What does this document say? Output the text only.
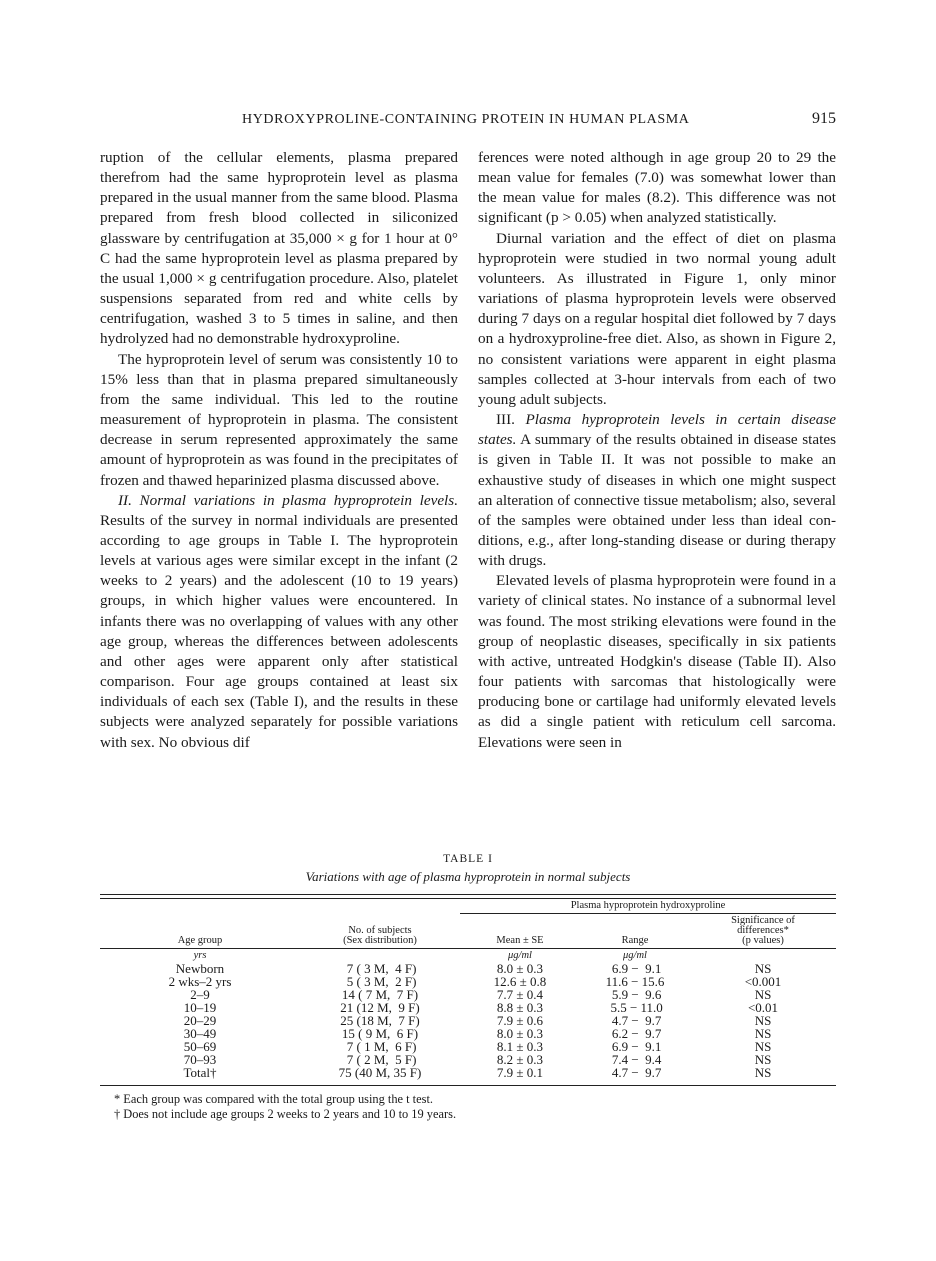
HYDROXYPROLINE-CONTAINING PROTEIN IN HUMAN PLASMA	915

ruption of the cellular elements, plasma prepared therefrom had the same hyproprotein level as plasma prepared in the usual manner from the same blood. Plasma prepared from fresh blood collected in siliconized glassware by centrifugation at 35,000 × g for 1 hour at 0° C had the same hyproprotein level as plasma prepared by the usual 1,000 × g centrifugation procedure. Also, platelet suspensions separated from red and white cells by centrifugation, washed 3 to 5 times in saline, and then hydrolyzed had no demonstrable hydroxyproline.

The hyproprotein level of serum was consistently 10 to 15% less than that in plasma prepared simultaneously from the same individual. This led to the routine measurement of hyproprotein in plasma. The consistent decrease in serum represented approximately the same amount of hyproprotein as was found in the precipitates of frozen and thawed heparinized plasma discussed above.

II. Normal variations in plasma hyproprotein levels. Results of the survey in normal individuals are presented according to age groups in Table I. The hyproprotein levels at various ages were similar except in the infant (2 weeks to 2 years) and the adolescent (10 to 19 years) groups, in which higher values were encountered. In infants there was no overlapping of values with any other age group, whereas the differences between adolescents and other ages were apparent only after statistical comparison. Four age groups contained at least six individuals of each sex (Table I), and the results in these subjects were analyzed separately for possible variations with sex. No obvious dif

ferences were noted although in age group 20 to 29 the mean value for females (7.0) was somewhat lower than the mean value for males (8.2). This difference was not significant (p > 0.05) when analyzed statistically.

Diurnal variation and the effect of diet on plasma hyproprotein were studied in two normal young adult volunteers. As illustrated in Figure 1, only minor variations of plasma hyproprotein levels were observed during 7 days on a regular hospital diet followed by 7 days on a hydroxyproline-free diet. Also, as shown in Figure 2, no consistent variations were apparent in eight plasma samples collected at 3-hour intervals from each of two young adult subjects.

III. Plasma hyproprotein levels in certain disease states. A summary of the results obtained in disease states is given in Table II. It was not possible to make an exhaustive study of diseases in which one might suspect an alteration of connective tissue metabolism; also, several of the samples were obtained under less than ideal conditions, e.g., after long-standing disease or during therapy with drugs.

Elevated levels of plasma hyproprotein were found in a variety of clinical states. No instance of a subnormal level was found. The most striking elevations were found in the group of neoplastic diseases, specifically in six patients with active, untreated Hodgkin's disease (Table II). Also four patients with sarcomas that histologically were producing bone or cartilage had uniformly elevated levels as did a single patient with reticulum cell sarcoma. Elevations were seen in

TABLE I

Variations with age of plasma hyproprotein in normal subjects

		Plasma hyproprotein hydroxyproline		
Age group	No. of subjects
(Sex distribution)	Mean ± SE	Range	Significance of
differences*
(p values)
yrs		μg/ml	μg/ml	
Newborn	7 ( 3 M,  4 F)	8.0 ± 0.3	6.9 −  9.1	NS
2 wks–2 yrs	5 ( 3 M,  2 F)	12.6 ± 0.8	11.6 − 15.6	<0.001
2–9	14 ( 7 M,  7 F)	7.7 ± 0.4	5.9 −  9.6	NS
10–19	21 (12 M,  9 F)	8.8 ± 0.3	5.5 − 11.0	<0.01
20–29	25 (18 M,  7 F)	7.9 ± 0.6	4.7 −  9.7	NS
30–49	15 ( 9 M,  6 F)	8.0 ± 0.3	6.2 −  9.7	NS
50–69	7 ( 1 M,  6 F)	8.1 ± 0.3	6.9 −  9.1	NS
70–93	7 ( 2 M,  5 F)	8.2 ± 0.3	7.4 −  9.4	NS
Total†	75 (40 M, 35 F)	7.9 ± 0.1	4.7 −  9.7	NS

* Each group was compared with the total group using the t test.

† Does not include age groups 2 weeks to 2 years and 10 to 19 years.
